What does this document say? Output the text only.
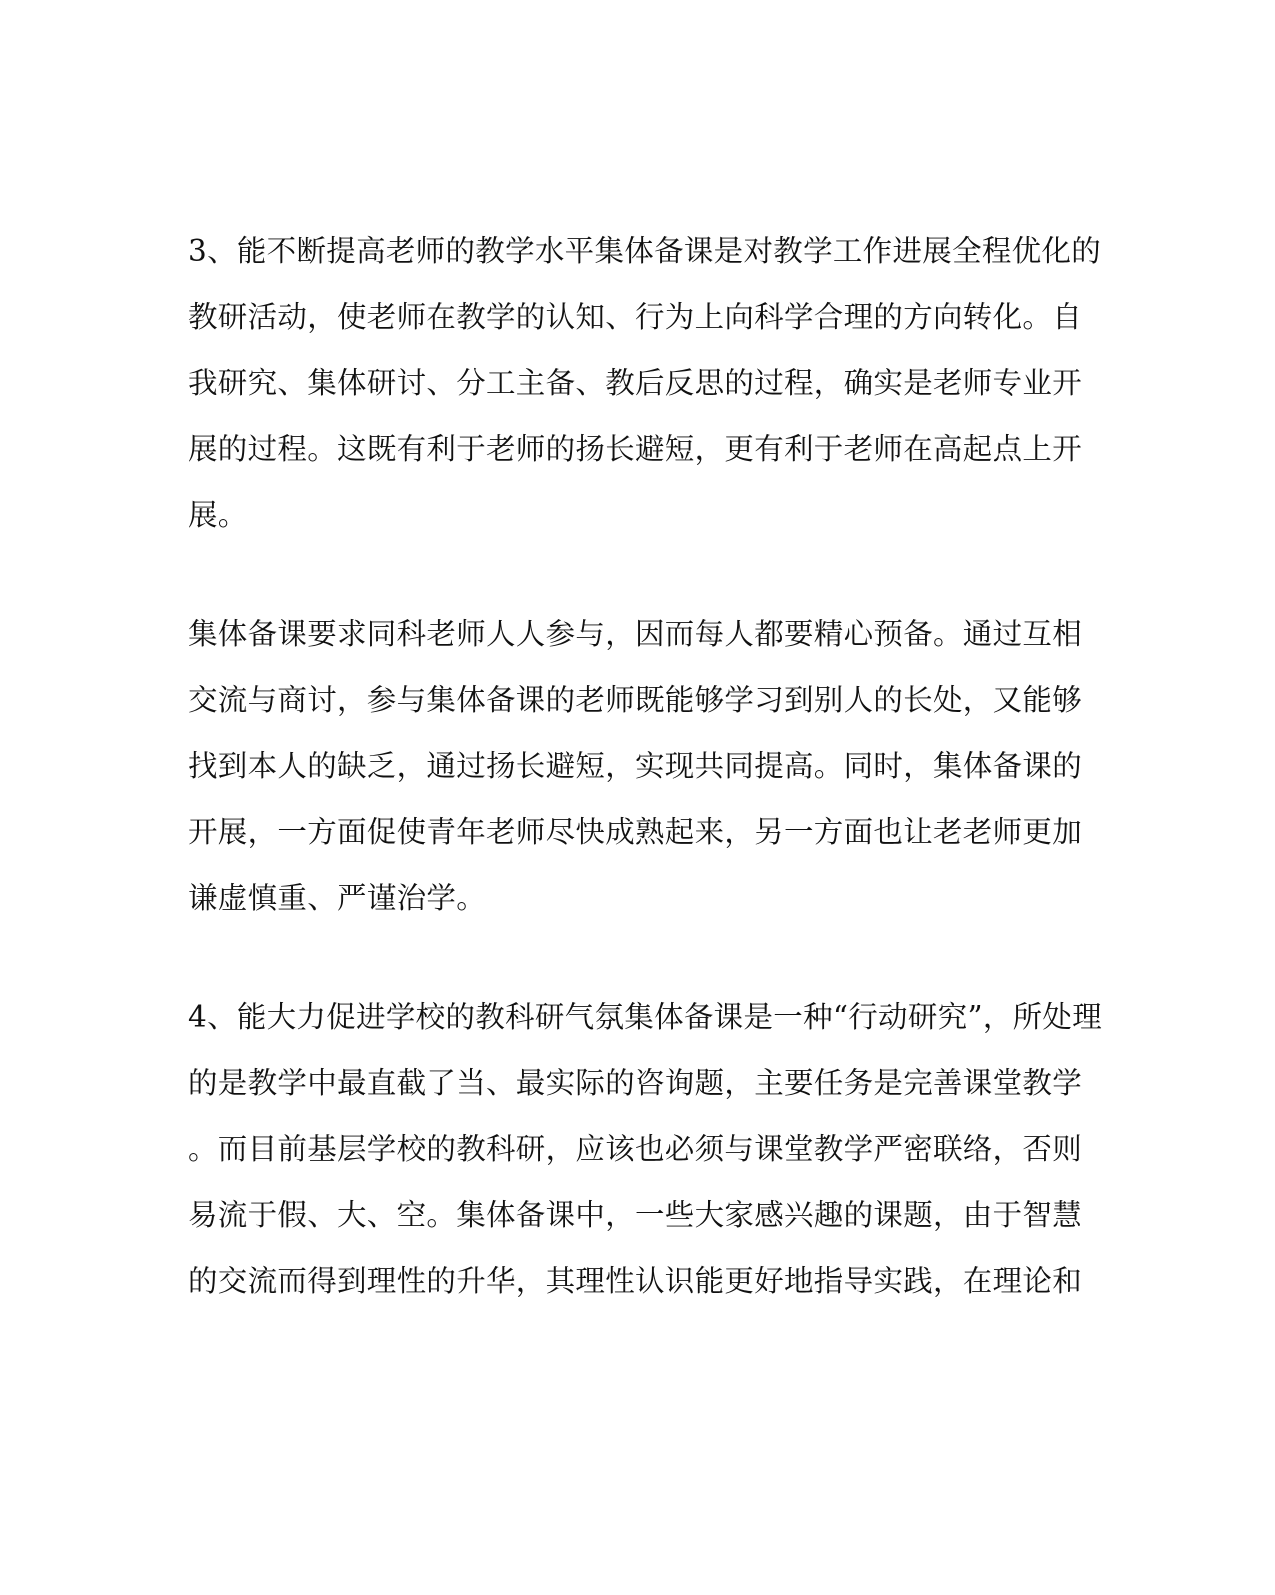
3、能不断提高老师的教学水平集体备课是对教学工作进展全程优化的
教研活动，使老师在教学的认知、行为上向科学合理的方向转化。自
我研究、集体研讨、分工主备、教后反思的过程，确实是老师专业开
展的过程。这既有利于老师的扬长避短，更有利于老师在高起点上开
展。
集体备课要求同科老师人人参与，因而每人都要精心预备。通过互相
交流与商讨，参与集体备课的老师既能够学习到别人的长处，又能够
找到本人的缺乏，通过扬长避短，实现共同提高。同时，集体备课的
开展，一方面促使青年老师尽快成熟起来，另一方面也让老老师更加
谦虚慎重、严谨治学。
4、能大力促进学校的教科研气氛集体备课是一种“行动研究”，所处理
的是教学中最直截了当、最实际的咨询题，主要任务是完善课堂教学
。而目前基层学校的教科研，应该也必须与课堂教学严密联络，否则
易流于假、大、空。集体备课中，一些大家感兴趣的课题，由于智慧
的交流而得到理性的升华，其理性认识能更好地指导实践，在理论和
